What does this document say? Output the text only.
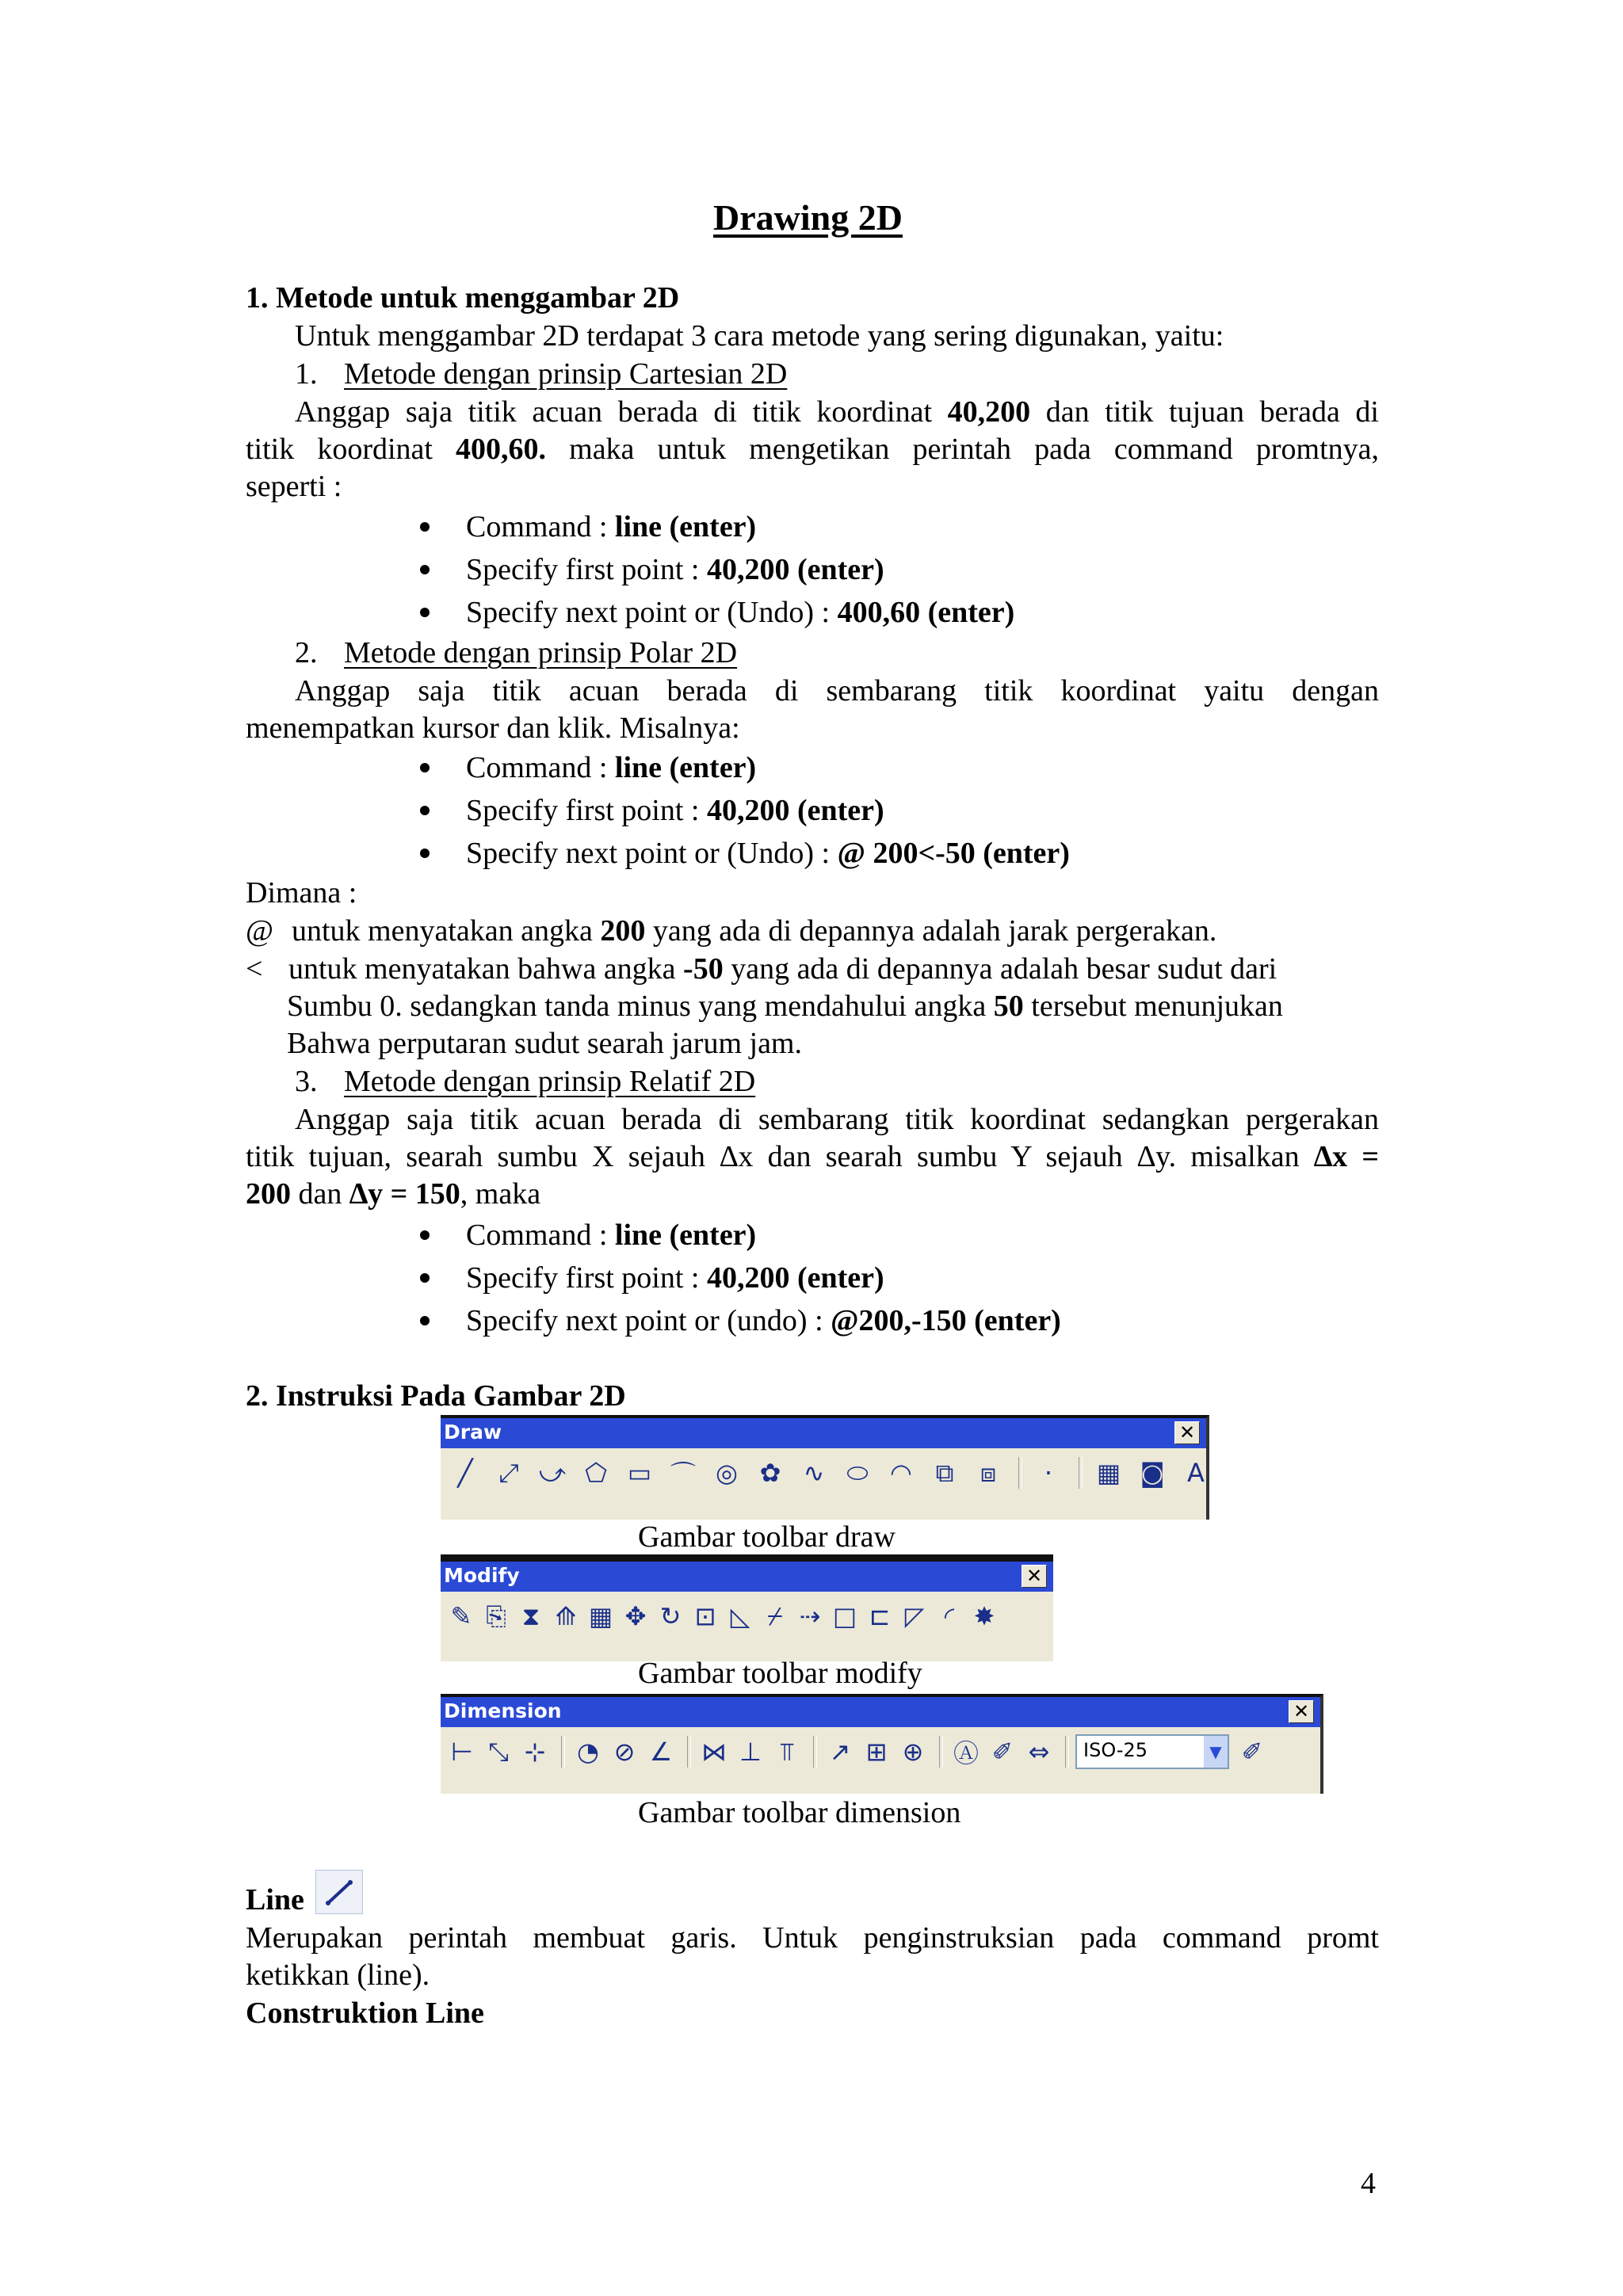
Drawing 2D
1. Metode untuk menggambar 2D
Untuk menggambar 2D terdapat 3 cara metode yang sering digunakan, yaitu:
1. Metode dengan prinsip Cartesian 2D
Anggap saja titik acuan berada di titik koordinat 40,200 dan titik tujuan berada di
titik koordinat 400,60. maka untuk mengetikan perintah pada command promtnya,
seperti :
Command : line (enter)
Specify first point : 40,200 (enter)
Specify next point or (Undo) : 400,60 (enter)
2. Metode dengan prinsip Polar 2D
Anggap saja titik acuan berada di sembarang titik koordinat yaitu dengan
menempatkan kursor dan klik. Misalnya:
Command : line (enter)
Specify first point : 40,200 (enter)
Specify next point or (Undo) : @ 200<-50 (enter)
Dimana :
@ untuk menyatakan angka 200 yang ada di depannya adalah jarak pergerakan.
< untuk menyatakan bahwa angka -50 yang ada di depannya adalah besar sudut dari
Sumbu 0. sedangkan tanda minus yang mendahului angka 50 tersebut menunjukan
Bahwa perputaran sudut searah jarum jam.
3. Metode dengan prinsip Relatif 2D
Anggap saja titik acuan berada di sembarang titik koordinat sedangkan pergerakan
titik tujuan, searah sumbu X sejauh ∆x dan searah sumbu Y sejauh ∆y. misalkan ∆x =
200 dan ∆y = 150, maka
Command : line (enter)
Specify first point : 40,200 (enter)
Specify next point or (undo) : @200,-150 (enter)
2. Instruksi Pada Gambar 2D
Draw	✕
╱	⤢ ⤻ ⬠ ▭ ⌒ ◎ ✿ ∿ ⬭ ◠ ⧉	⧈	·	▦ ◙ A
Gambar toolbar draw
Modify	✕
✎ ⎘ ⧗ ⟰ ▦ ✥ ↻ ⊡ ◺ ⌿ ⇢ □ ⊏ ◸ ◜ ✸
Gambar toolbar modify
Dimension	✕
⊢ ⤡ ⊹ ◔ ⊘ ∠ ⋈ ⊥ ⫪	↗ ⊞ ⊕ Ⓐ ✐ ⇔	ISO-25	▼ ✐
Gambar toolbar dimension
Line
Merupakan perintah membuat garis. Untuk penginstruksian pada command promt
ketikkan (line).
Construktion Line
4
